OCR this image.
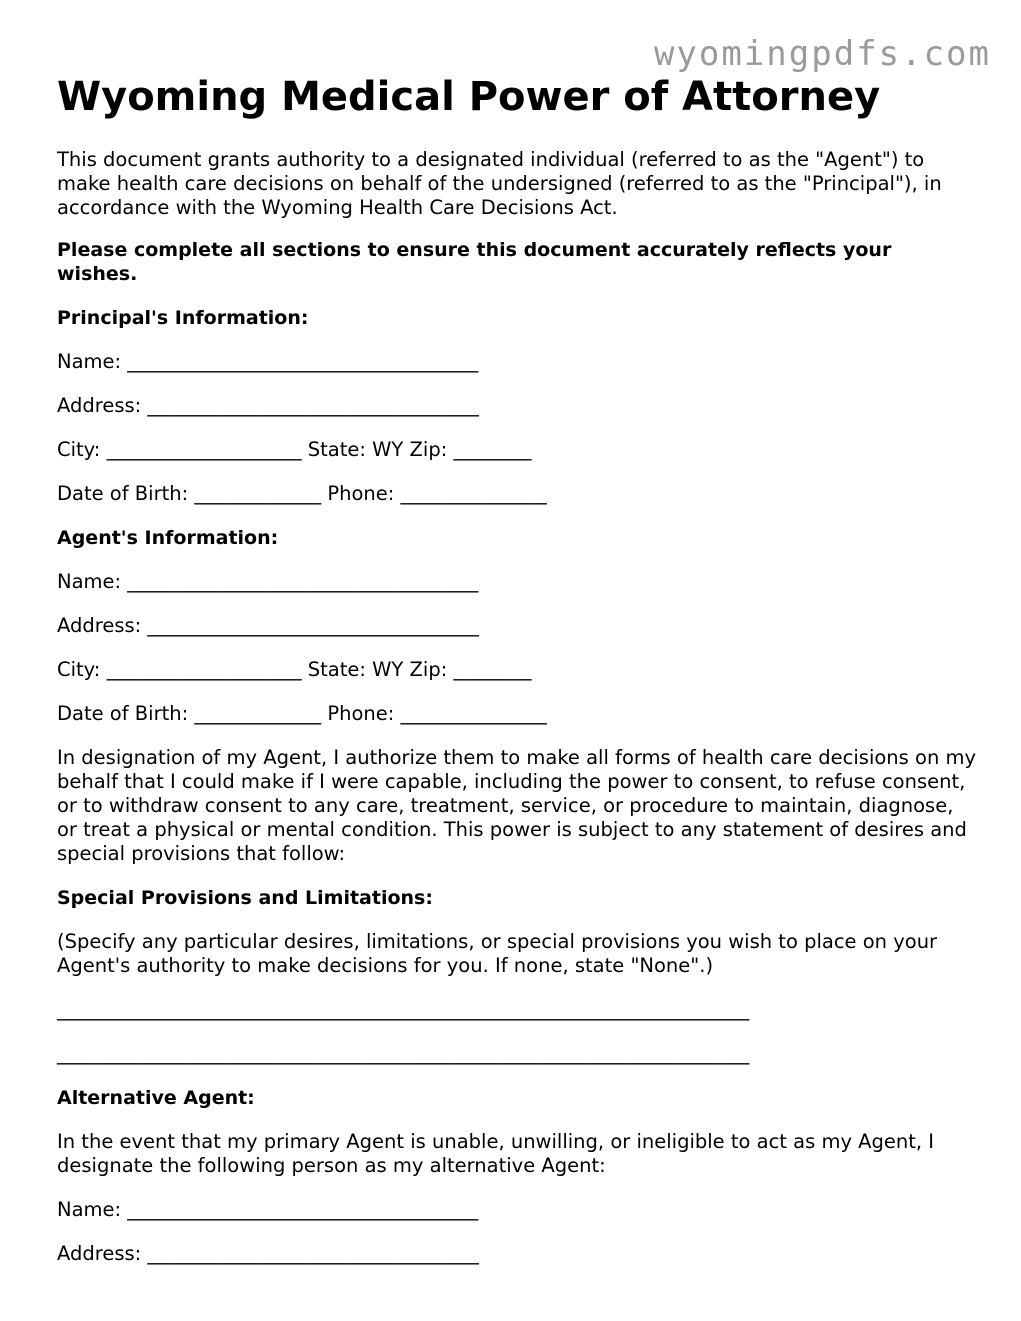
wyomingpdfs.com
Wyoming Medical Power of Attorney
This document grants authority to a designated individual (referred to as the "Agent") to make health care decisions on behalf of the undersigned (referred to as the "Principal"), in accordance with the Wyoming Health Care Decisions Act.
Please complete all sections to ensure this document accurately reflects your wishes.
Principal's Information:
Name: ____________________________________
Address: __________________________________
City: ____________________ State: WY Zip: ________
Date of Birth: _____________ Phone: _______________
Agent's Information:
Name: ____________________________________
Address: __________________________________
City: ____________________ State: WY Zip: ________
Date of Birth: _____________ Phone: _______________
In designation of my Agent, I authorize them to make all forms of health care decisions on my behalf that I could make if I were capable, including the power to consent, to refuse consent, or to withdraw consent to any care, treatment, service, or procedure to maintain, diagnose, or treat a physical or mental condition. This power is subject to any statement of desires and special provisions that follow:
Special Provisions and Limitations:
(Specify any particular desires, limitations, or special provisions you wish to place on your Agent's authority to make decisions for you. If none, state "None".)
_______________________________________________________________________
_______________________________________________________________________
Alternative Agent:
In the event that my primary Agent is unable, unwilling, or ineligible to act as my Agent, I designate the following person as my alternative Agent:
Name: ____________________________________
Address: __________________________________
